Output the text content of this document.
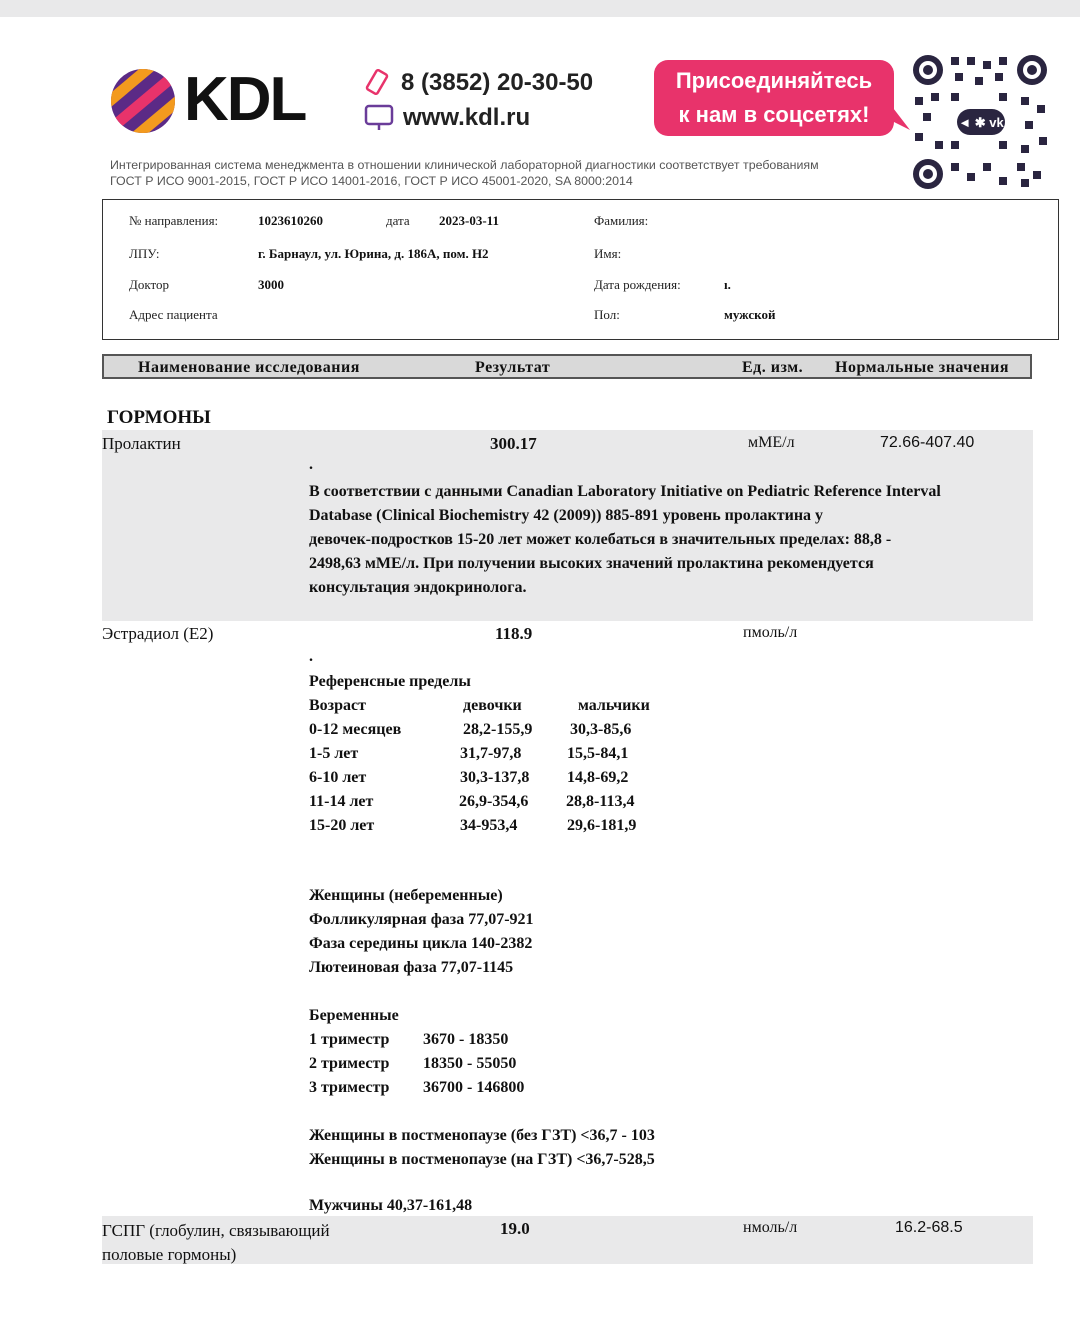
KDL	8 (3852) 20-30-50
www.kdl.ru
Присоединяйтесь
к нам в соцсетях!	◄ ✱ vk
Интегрированная система менеджмента в отношении клинической лабораторной диагностики соответствует требованиям
ГОСТ Р ИСО 9001-2015, ГОСТ Р ИСО 14001-2016, ГОСТ Р ИСО 45001-2020, SA 8000:2014
№ направления:	1023610260	дата 2023-03-11	Фамилия:
ЛПУ:	г. Барнаул, ул. Юрина, д. 186А, пом. Н2	Имя:
Доктор	3000	Дата рождения:	ı.
Адрес пациента	Пол:	мужской
Наименование исследования	Результат	Ед. изм. Нормальные значения
ГОРМОНЫ
Пролактин	300.17	мМЕ/л	72.66-407.40
.
В соответствии с данными Canadian Laboratory Initiative on Pediatric Reference Interval
Database (Clinical Biochemistry 42 (2009)) 885-891 уровень пролактина у
девочек-подростков 15-20 лет может колебаться в значительных пределах: 88,8 -
2498,63 мМЕ/л. При получении высоких значений пролактина рекомендуется
консультация эндокринолога.
Эстрадиол (Е2)	118.9	пмоль/л
.
Референсные пределы
Возраст	девочки	мальчики
0-12 месяцев	28,2-155,9 30,3-85,6
1-5 лет	31,7-97,8	15,5-84,1
6-10 лет	30,3-137,8 14,8-69,2
11-14 лет	26,9-354,6 28,8-113,4
15-20 лет	34-953,4	29,6-181,9
Женщины (небеременные)
Фолликулярная фаза 77,07-921
Фаза середины цикла 140-2382
Лютеиновая фаза 77,07-1145
Беременные
1 триместр 3670 - 18350
2 триместр 18350 - 55050
3 триместр 36700 - 146800
Женщины в постменопаузе (без ГЗТ) <36,7 - 103
Женщины в постменопаузе (на ГЗТ) <36,7-528,5
Мужчины 40,37-161,48
ГСПГ (глобулин, связывающий
половые гормоны)
19.0	нмоль/л	16.2-68.5
